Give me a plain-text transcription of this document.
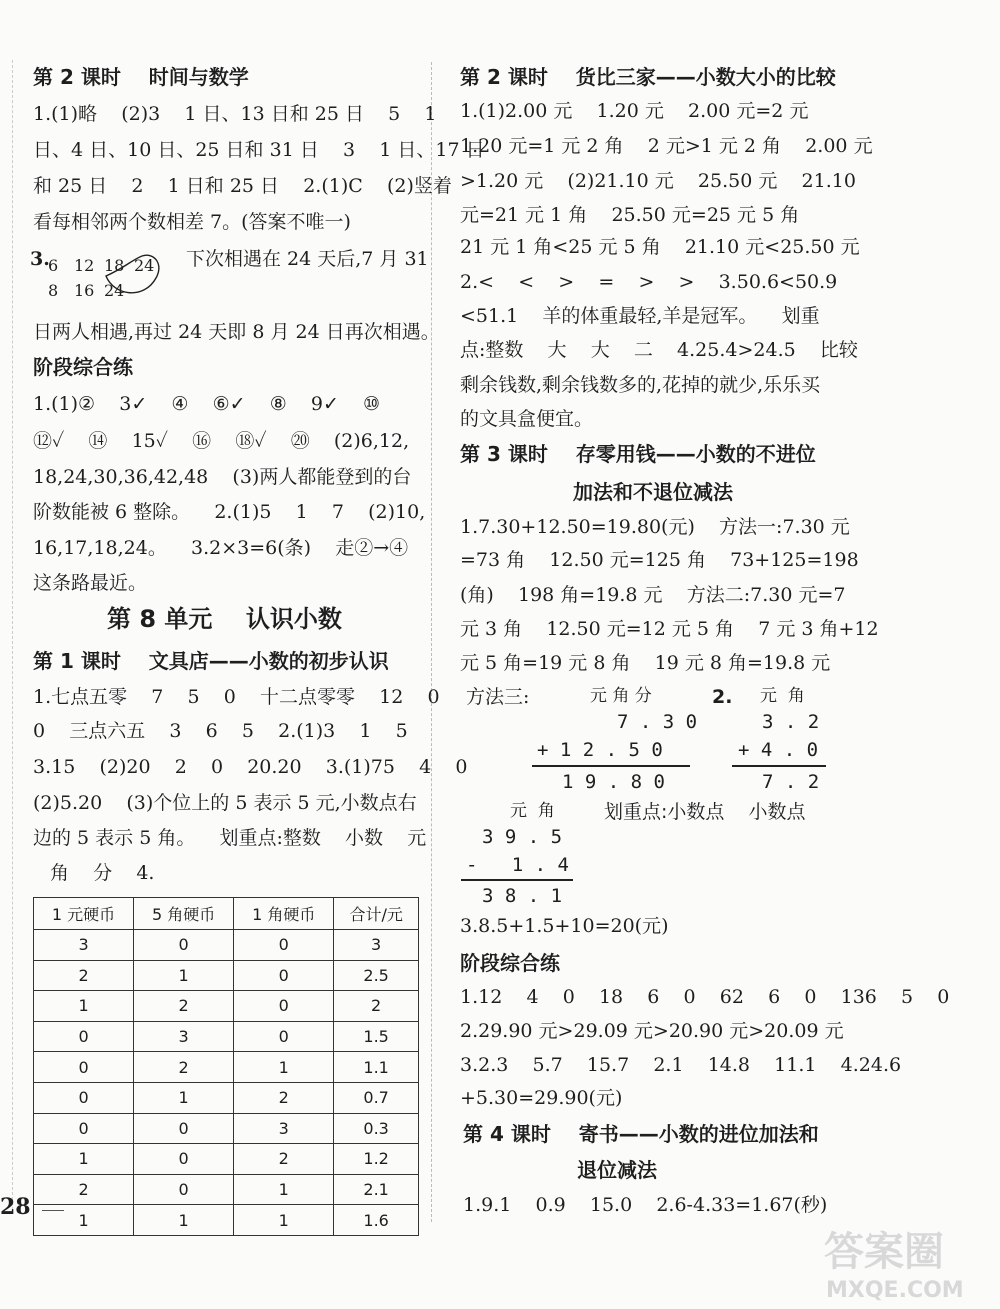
第 2 课时    时间与数学
1.(1)略    (2)3    1 日、13 日和 25 日    5    1
日、4 日、10 日、25 日和 31 日    3    1 日、17 日
和 25 日    2    1 日和 25 日    2.(1)C    (2)竖着
看每相邻两个数相差 7。(答案不唯一)
3.
6 12 18 24
8 16 24
下次相遇在 24 天后,7 月 31
日两人相遇,再过 24 天即 8 月 24 日再次相遇。
阶段综合练
1.(1)②    3✓    ④    ⑥✓    ⑧    9✓    ⑩
⑫✓    ⑭    15✓    ⑯    ⑱✓    ⑳    (2)6,12,
18,24,30,36,42,48    (3)两人都能登到的台
阶数能被 6 整除。    2.(1)5    1    7    (2)10,
16,17,18,24。    3.2×3=6(条)    走②→④
这条路最近。
第 8 单元    认识小数
第 1 课时    文具店——小数的初步认识
1.七点五零    7    5    0    十二点零零    12    0
0    三点六五    3    6    5    2.(1)3    1    5
3.15    (2)20    2    0    20.20    3.(1)75    4    0
(2)5.20    (3)个位上的 5 表示 5 元,小数点右
边的 5 表示 5 角。    划重点:整数    小数    元
角    分    4.
1 元硬币	5 角硬币	1 角硬币	合计/元
3	0	0	3
2	1	0	2.5
1	2	0	2
0	3	0	1.5
0	2	1	1.1
0	1	2	0.7
0	0	3	0.3
1	0	2	1.2
2	0	1	2.1
1	1	1	1.6
28
第 2 课时    货比三家——小数大小的比较
1.(1)2.00 元    1.20 元    2.00 元=2 元
1.20 元=1 元 2 角    2 元>1 元 2 角    2.00 元
>1.20 元    (2)21.10 元    25.50 元    21.10
元=21 元 1 角    25.50 元=25 元 5 角
21 元 1 角<25 元 5 角    21.10 元<25.50 元
2.<    <    >    =    >    >    3.50.6<50.9
<51.1    羊的体重最轻,羊是冠军。    划重
点:整数    大    大    二    4.25.4>24.5    比较
剩余钱数,剩余钱数多的,花掉的就少,乐乐买
的文具盒便宜。
第 3 课时    存零用钱——小数的不进位
加法和不退位减法
1.7.30+12.50=19.80(元)    方法一:7.30 元
=73 角    12.50 元=125 角    73+125=198
(角)    198 角=19.8 元    方法二:7.30 元=7
元 3 角    12.50 元=12 元 5 角    7 元 3 角+12
元 5 角=19 元 8 角    19 元 8 角=19.8 元
方法三:	元 角 分
7 . 3 0
+ 1 2 . 5 0
1 9 . 8 0
2. 元  角
3 . 2
+ 4 . 0
7 . 2
元  角	划重点:小数点    小数点
3 9 . 5
-   1 . 4
3 8 . 1
3.8.5+1.5+10=20(元)
阶段综合练
1.12    4    0    18    6    0    62    6    0    136    5    0
2.29.90 元>29.09 元>20.90 元>20.09 元
3.2.3    5.7    15.7    2.1    14.8    11.1    4.24.6
+5.30=29.90(元)
第 4 课时    寄书——小数的进位加法和
退位减法
1.9.1    0.9    15.0    2.6-4.33=1.67(秒)
答案圈
MXQE.COM
